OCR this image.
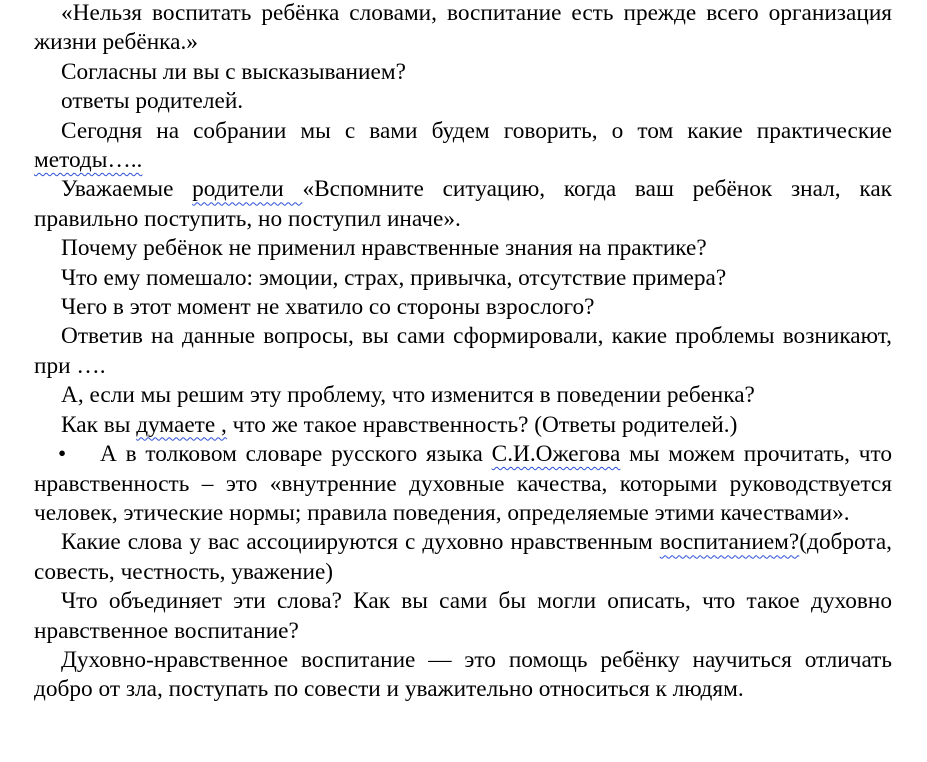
«Нельзя воспитать ребёнка словами, воспитание есть прежде всего организация жизни ребёнка.»

Согласны ли вы с высказыванием?

ответы родителей.

Сегодня на собрании мы с вами будем говорить, о том какие практические методы…..

Уважаемые родители «Вспомните ситуацию, когда ваш ребёнок знал, как правильно поступить, но поступил иначе».

Почему ребёнок не применил нравственные знания на практике?

Что ему помешало: эмоции, страх, привычка, отсутствие примера?

Чего в этот момент не хватило со стороны взрослого?

Ответив на данные вопросы, вы сами сформировали, какие проблемы возникают, при ….

А, если мы решим эту проблему, что изменится в поведении ребенка?

Как вы думаете , что же такое нравственность? (Ответы родителей.)

• А в толковом словаре русского языка С.И.Ожегова мы можем прочитать, что нравственность – это «внутренние духовные качества, которыми руководствуется человек, этические нормы; правила поведения, определяемые этими качествами».

Какие слова у вас ассоциируются с духовно нравственным воспитанием?(доброта, совесть, честность, уважение)

Что объединяет эти слова? Как вы сами бы могли описать, что такое духовно нравственное воспитание?

Духовно-нравственное воспитание — это помощь ребёнку научиться отличать добро от зла, поступать по совести и уважительно относиться к людям.
